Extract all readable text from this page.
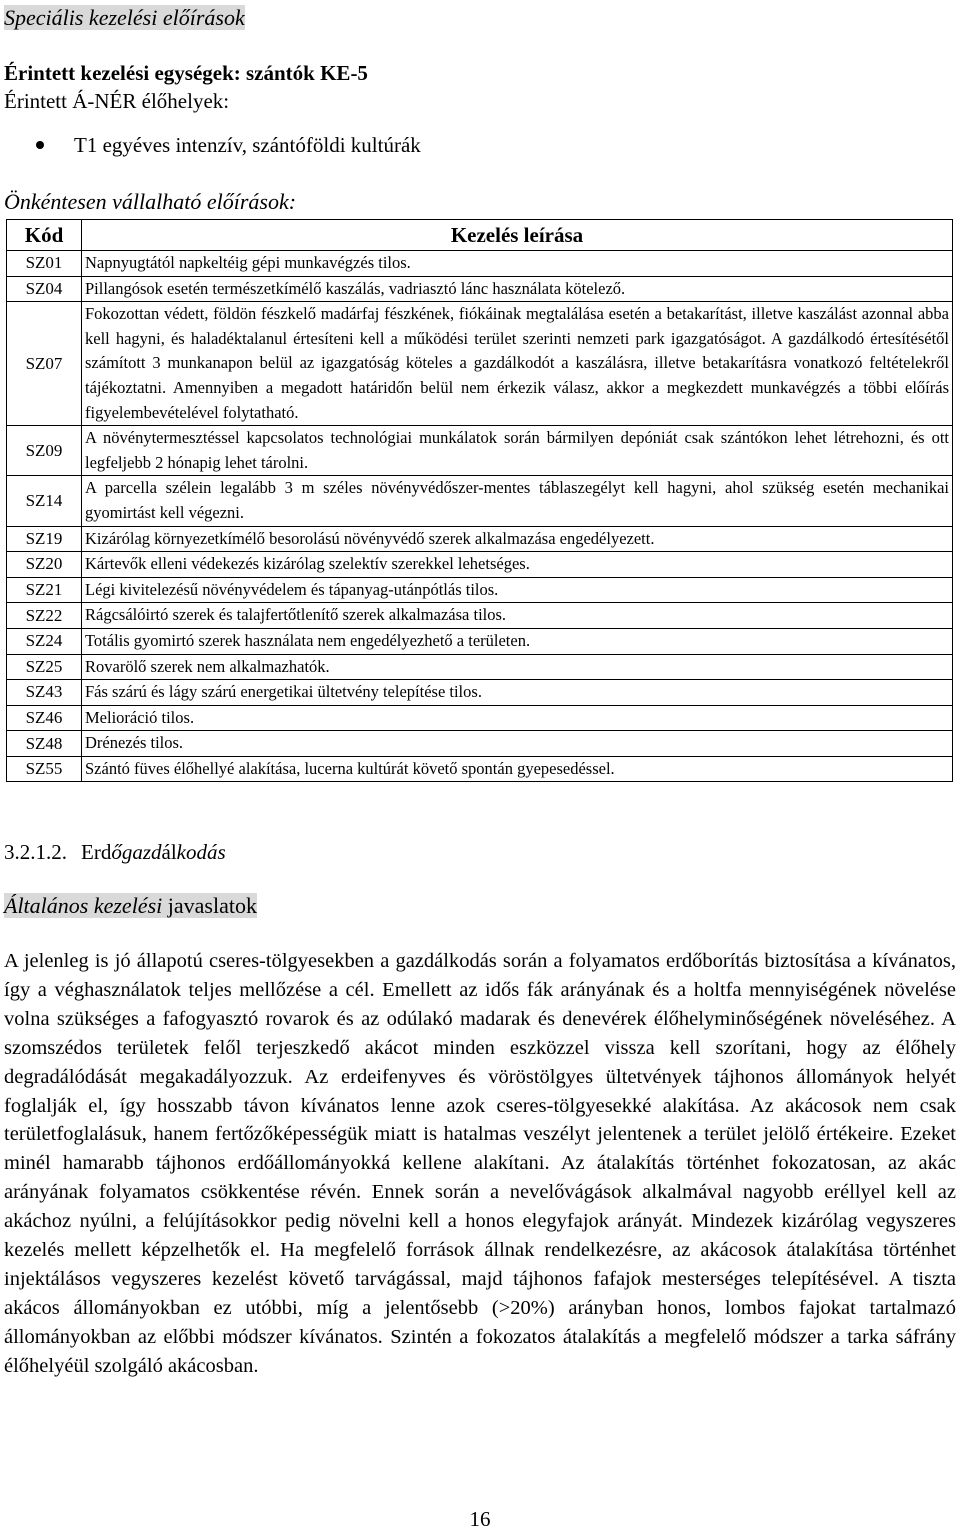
Speciális kezelési előírások
Érintett kezelési egységek: szántók KE-5
Érintett Á-NÉR élőhelyek:
T1 egyéves intenzív, szántóföldi kultúrák
Önkéntesen vállalható előírások:
Kód	Kezelés leírása
SZ01	Napnyugtától napkeltéig gépi munkavégzés tilos.
SZ04	Pillangósok esetén természetkímélő kaszálás, vadriasztó lánc használata kötelező.
SZ07	Fokozottan védett, földön fészkelő madárfaj fészkének, fiókáinak megtalálása esetén a betakarítást, illetve kaszálást azonnal abba kell hagyni, és haladéktalanul értesíteni kell a működési terület szerinti nemzeti park igazgatóságot. A gazdálkodó értesítésétől számított 3 munkanapon belül az igazgatóság köteles a gazdálkodót a kaszálásra, illetve betakarításra vonatkozó feltételekről tájékoztatni. Amennyiben a megadott határidőn belül nem érkezik válasz, akkor a megkezdett munkavégzés a többi előírás figyelembevételével folytatható.
SZ09	A növénytermesztéssel kapcsolatos technológiai munkálatok során bármilyen depóniát csak szántókon lehet létrehozni, és ott legfeljebb 2 hónapig lehet tárolni.
SZ14	A parcella szélein legalább 3 m széles növényvédőszer-mentes táblaszegélyt kell hagyni, ahol szükség esetén mechanikai gyomirtást kell végezni.
SZ19	Kizárólag környezetkímélő besorolású növényvédő szerek alkalmazása engedélyezett.
SZ20	Kártevők elleni védekezés kizárólag szelektív szerekkel lehetséges.
SZ21	Légi kivitelezésű növényvédelem és tápanyag-utánpótlás tilos.
SZ22	Rágcsálóirtó szerek és talajfertőtlenítő szerek alkalmazása tilos.
SZ24	Totális gyomirtó szerek használata nem engedélyezhető a területen.
SZ25	Rovarölő szerek nem alkalmazhatók.
SZ43	Fás szárú és lágy szárú energetikai ültetvény telepítése tilos.
SZ46	Melioráció tilos.
SZ48	Drénezés tilos.
SZ55	Szántó füves élőhellyé alakítása, lucerna kultúrát követő spontán gyepesedéssel.
3.2.1.2. Erdőgazdálkodás
Általános kezelési javaslatok

A jelenleg is jó állapotú cseres-tölgyesekben a gazdálkodás során a folyamatos erdőborítás biztosítása a kívánatos, így a véghasználatok teljes mellőzése a cél. Emellett az idős fák arányának és a holtfa mennyiségének növelése volna szükséges a fafogyasztó rovarok és az odúlakó madarak és denevérek élőhelyminőségének növeléséhez. A szomszédos területek felől terjeszkedő akácot minden eszközzel vissza kell szorítani, hogy az élőhely degradálódását megakadályozzuk. Az erdeifenyves és vöröstölgyes ültetvények tájhonos állományok helyét foglalják el, így hosszabb távon kívánatos lenne azok cseres-tölgyesekké alakítása. Az akácosok nem csak területfoglalásuk, hanem fertőzőképességük miatt is hatalmas veszélyt jelentenek a terület jelölő értékeire. Ezeket minél hamarabb tájhonos erdőállományokká kellene alakítani. Az átalakítás történhet fokozatosan, az akác arányának folyamatos csökkentése révén. Ennek során a nevelővágások alkalmával nagyobb eréllyel kell az akáchoz nyúlni, a felújításokkor pedig növelni kell a honos elegyfajok arányát. Mindezek kizárólag vegyszeres kezelés mellett képzelhetők el. Ha megfelelő források állnak rendelkezésre, az akácosok átalakítása történhet injektálásos vegyszeres kezelést követő tarvágással, majd tájhonos fafajok mesterséges telepítésével. A tiszta akácos állományokban ez utóbbi, míg a jelentősebb (>20%) arányban honos, lombos fajokat tartalmazó állományokban az előbbi módszer kívánatos. Szintén a fokozatos átalakítás a megfelelő módszer a tarka sáfrány élőhelyéül szolgáló akácosban.

16
